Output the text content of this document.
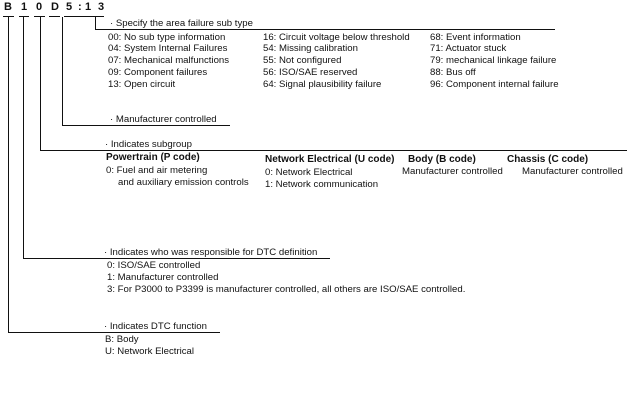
B 1 0 D 5 : 1 3
· Specify the area failure sub type
00: No sub type information
04: System Internal Failures
07: Mechanical malfunctions
09: Component failures
13: Open circuit
16: Circuit voltage below threshold
54: Missing calibration
55: Not configured
56: ISO/SAE reserved
64: Signal plausibility failure
68: Event information
71: Actuator stuck
79: mechanical linkage failure
88: Bus off
96: Component internal failure
· Manufacturer controlled
· Indicates subgroup
Powertrain (P code)
0: Fuel and air metering
and auxiliary emission controls
Network Electrical (U code)
0: Network Electrical
1: Network communication
Body (B code)
Manufacturer controlled
Chassis (C code)
Manufacturer controlled
· Indicates who was responsible for DTC definition
0: ISO/SAE controlled
1: Manufacturer controlled
3: For P3000 to P3399 is manufacturer controlled, all others are ISO/SAE controlled.
· Indicates DTC function
B: Body
U: Network Electrical
